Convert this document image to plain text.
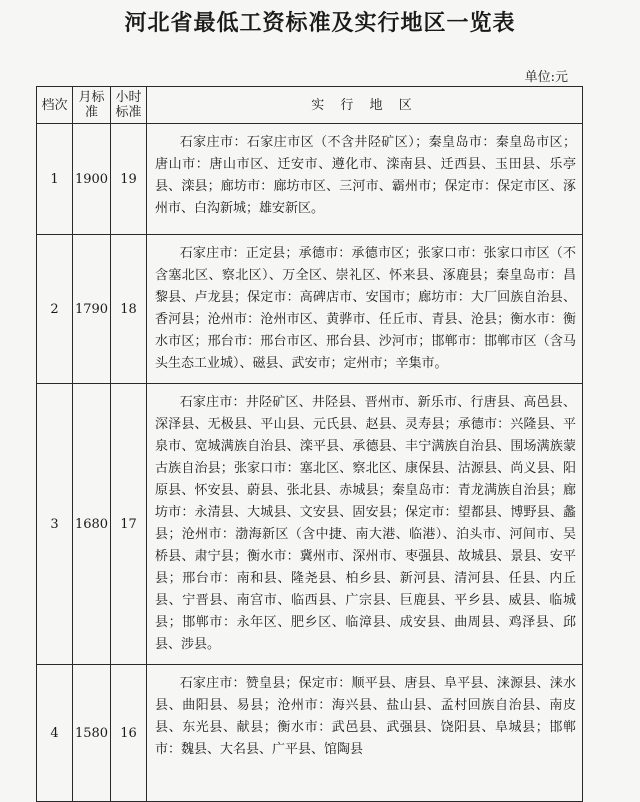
河北省最低工资标准及实行地区一览表
单位:元
档次	月标准	小时标准	实 行 地 区
1	1900	19	石家庄市：石家庄市区（不含井陉矿区）；秦皇岛市：秦皇岛市区；唐山市：唐山市区、迁安市、遵化市、滦南县、迁西县、玉田县、乐亭县、滦县；廊坊市：廊坊市区、三河市、霸州市；保定市：保定市区、涿州市、白沟新城；雄安新区。
2	1790	18	石家庄市：正定县；承德市：承德市区；张家口市：张家口市区（不含塞北区、察北区）、万全区、崇礼区、怀来县、涿鹿县；秦皇岛市：昌黎县、卢龙县；保定市：高碑店市、安国市；廊坊市：大厂回族自治县、香河县；沧州市：沧州市区、黄骅市、任丘市、青县、沧县；衡水市：衡水市区；邢台市：邢台市区、邢台县、沙河市；邯郸市：邯郸市区（含马头生态工业城）、磁县、武安市；定州市；辛集市。
3	1680	17	石家庄市：井陉矿区、井陉县、晋州市、新乐市、行唐县、高邑县、深泽县、无极县、平山县、元氏县、赵县、灵寿县；承德市：兴隆县、平泉市、宽城满族自治县、滦平县、承德县、丰宁满族自治县、围场满族蒙古族自治县；张家口市：塞北区、察北区、康保县、沽源县、尚义县、阳原县、怀安县、蔚县、张北县、赤城县；秦皇岛市：青龙满族自治县；廊坊市：永清县、大城县、文安县、固安县；保定市：望都县、博野县、蠡县；沧州市：渤海新区（含中捷、南大港、临港）、泊头市、河间市、吴桥县、肃宁县；衡水市：冀州市、深州市、枣强县、故城县、景县、安平县；邢台市：南和县、隆尧县、柏乡县、新河县、清河县、任县、内丘县、宁晋县、南宫市、临西县、广宗县、巨鹿县、平乡县、威县、临城县；邯郸市：永年区、肥乡区、临漳县、成安县、曲周县、鸡泽县、邱县、涉县。
4	1580	16	石家庄市：赞皇县；保定市：顺平县、唐县、阜平县、涞源县、涞水县、曲阳县、易县；沧州市：海兴县、盐山县、孟村回族自治县、南皮县、东光县、献县；衡水市：武邑县、武强县、饶阳县、阜城县；邯郸市：魏县、大名县、广平县、馆陶县
